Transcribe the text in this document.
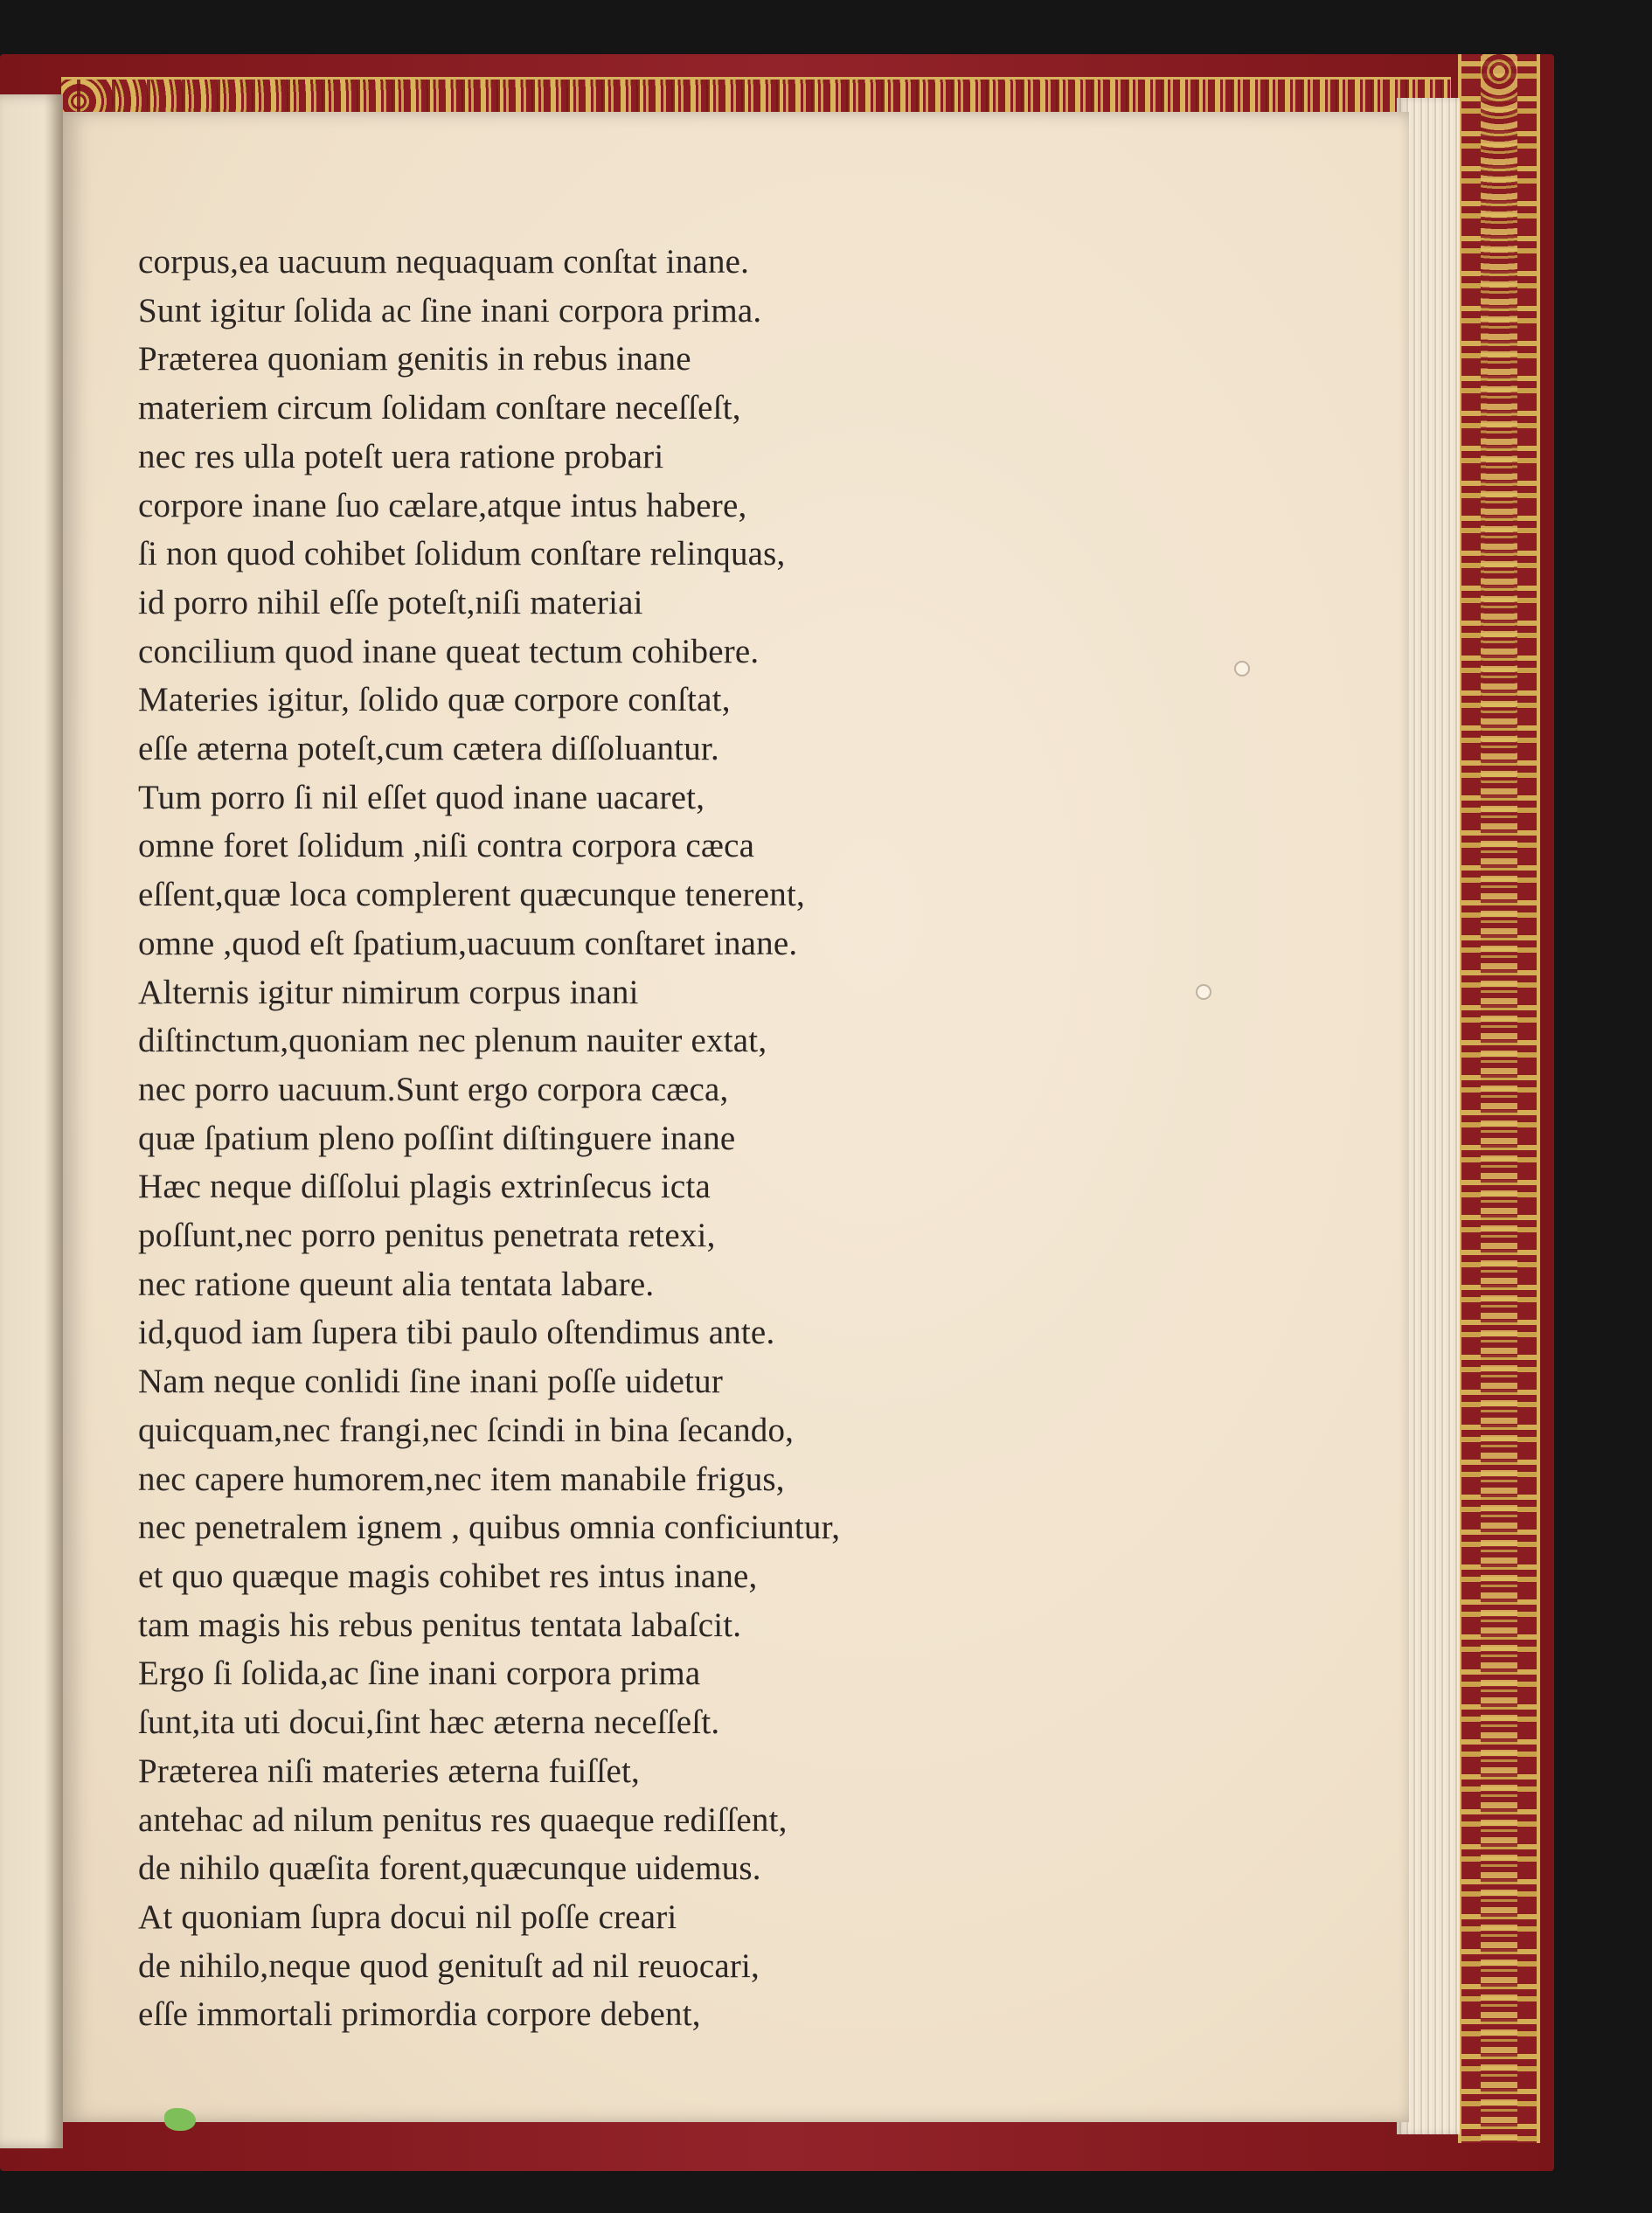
corpus,ea uacuum nequaquam conſtat inane.
Sunt igitur ſolida ac ſine inani corpora prima.
Præterea quoniam genitis in rebus inane
materiem circum ſolidam conſtare neceſſeſt,
nec res ulla poteſt uera ratione probari
corpore inane ſuo cælare,atque intus habere,
ſi non quod cohibet ſolidum conſtare relinquas,
id porro nihil eſſe poteſt,niſi materiai
concilium quod inane queat tectum cohibere.
Materies igitur, ſolido quæ corpore conſtat,
eſſe æterna poteſt,cum cætera diſſoluantur.
Tum porro ſi nil eſſet quod inane uacaret,
omne foret ſolidum ,niſi contra corpora cæca
eſſent,quæ loca complerent quæcunque tenerent,
omne ,quod eſt ſpatium,uacuum conſtaret inane.
Alternis igitur nimirum corpus inani
diſtinctum,quoniam nec plenum nauiter extat,
nec porro uacuum.Sunt ergo corpora cæca,
quæ ſpatium pleno poſſint diſtinguere inane
Hæc neque diſſolui plagis extrinſecus icta
poſſunt,nec porro penitus penetrata retexi,
nec ratione queunt alia tentata labare.
id,quod iam ſupera tibi paulo oſtendimus ante.
Nam neque conlidi ſine inani poſſe uidetur
quicquam,nec frangi,nec ſcindi in bina ſecando,
nec capere humorem,nec item manabile frigus,
nec penetralem ignem , quibus omnia conficiuntur,
et quo quæque magis cohibet res intus inane,
tam magis his rebus penitus tentata labaſcit.
Ergo ſi ſolida,ac ſine inani corpora prima
ſunt,ita uti docui,ſint hæc æterna neceſſeſt.
Præterea niſi materies æterna fuiſſet,
antehac ad nilum penitus res quaeque rediſſent,
de nihilo quæſita forent,quæcunque uidemus.
At quoniam ſupra docui nil poſſe creari
de nihilo,neque quod genituſt ad nil reuocari,
eſſe immortali primordia corpore debent,
